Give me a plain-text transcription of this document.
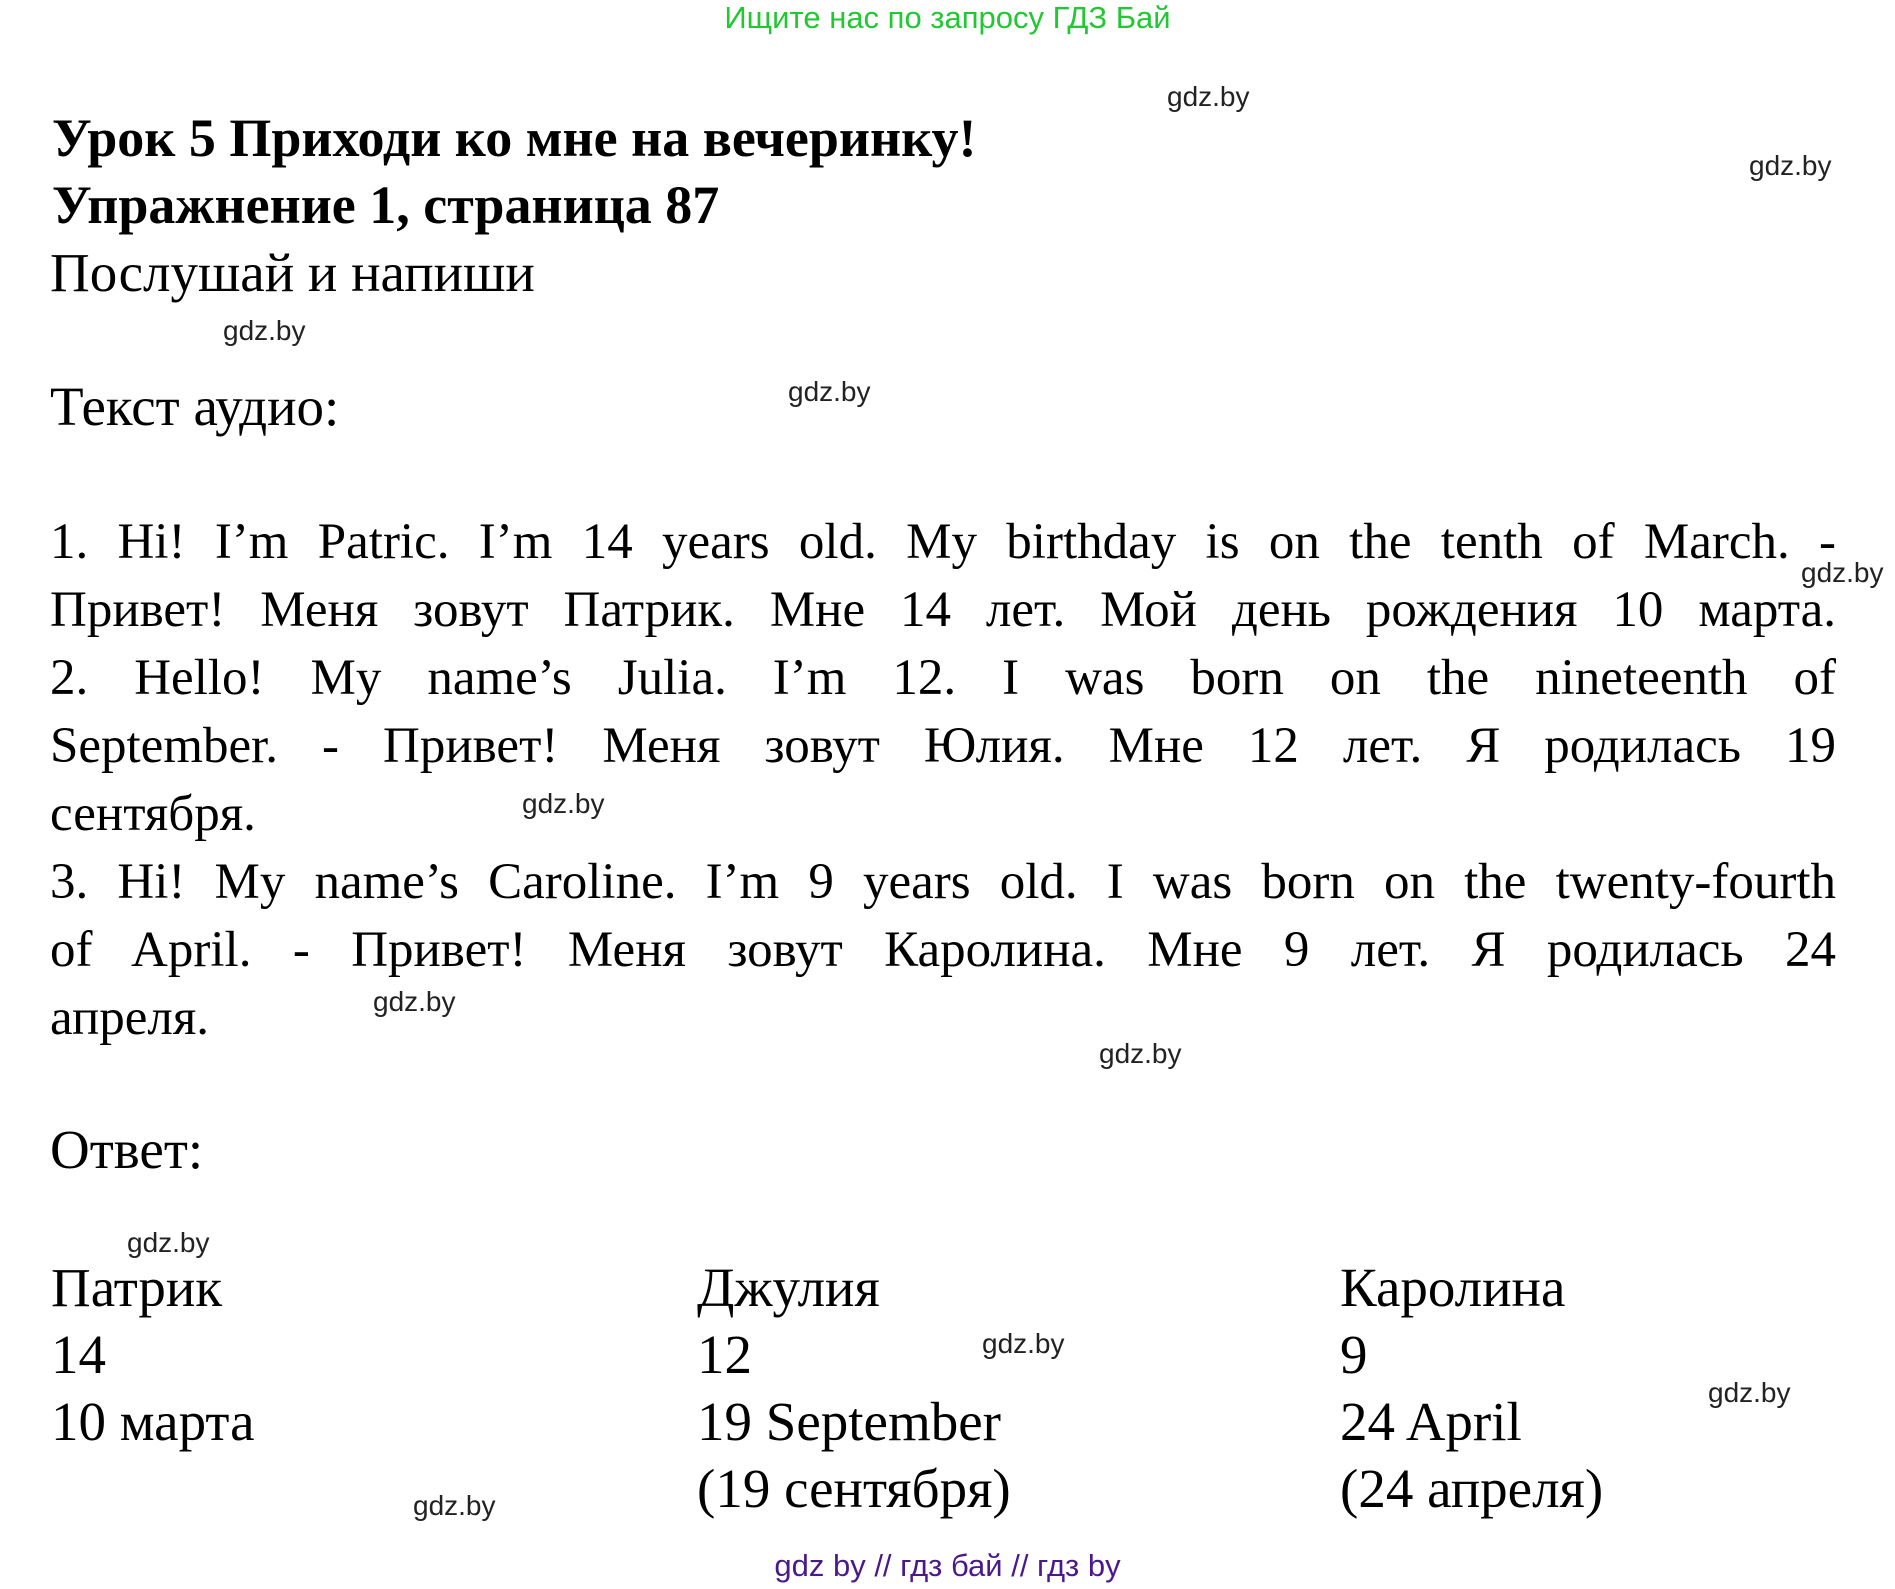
Ищите нас по запросу ГДЗ Бай
Урок 5 Приходи ко мне на вечеринку!
Упражнение 1, страница 87
Послушай и напиши
Текст аудио:
1. Hi! I’m Patric. I’m 14 years old. My birthday is on the tenth of March. -
Привет! Меня зовут Патрик. Мне 14 лет. Мой день рождения 10 марта.
2. Hello! My name’s Julia. I’m 12. I was born on the nineteenth of
September. - Привет! Меня зовут Юлия. Мне 12 лет. Я родилась 19
сентября.
3. Hi! My name’s Caroline. I’m 9 years old. I was born on the twenty-fourth
of April. - Привет! Меня зовут Каролина. Мне 9 лет. Я родилась 24
апреля.
Ответ:
Патрик
14
10 марта
Джулия
12
19 September
(19 сентября)
Каролина
9
24 April
(24 апреля)
gdz.by
gdz.by
gdz.by
gdz.by
gdz.by
gdz.by
gdz.by
gdz.by
gdz.by
gdz.by
gdz.by
gdz.by
gdz by // гдз бай // гдз by
